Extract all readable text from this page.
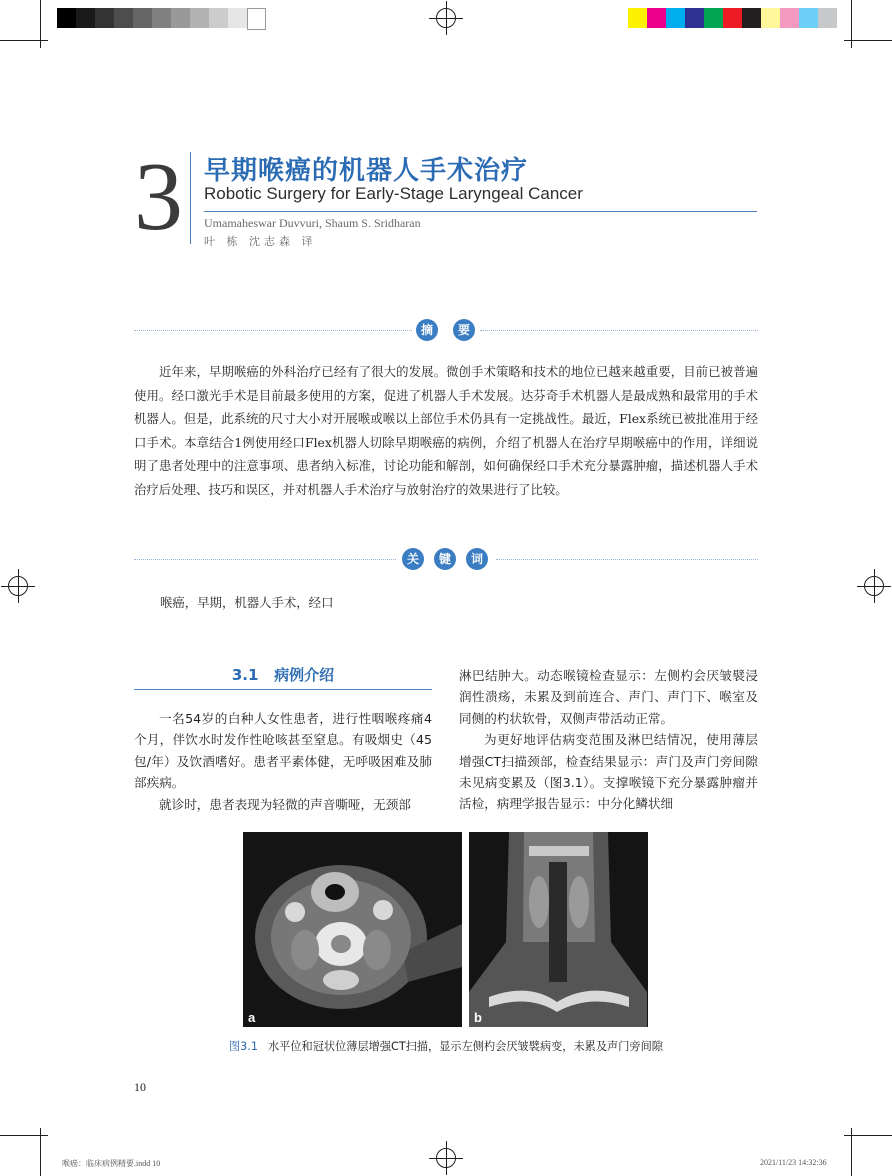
3 早期喉癌的机器人手术治疗
Robotic Surgery for Early-Stage Laryngeal Cancer
Umamaheswar Duvvuri, Shaum S. Sridharan
叶 栋 沈志森 译
摘	要

近年来，早期喉癌的外科治疗已经有了很大的发展。微创手术策略和技术的地位已越来越重要，目前已被普遍使用。经口激光手术是目前最多使用的方案，促进了机器人手术发展。达芬奇手术机器人是最成熟和最常用的手术机器人。但是，此系统的尺寸大小对开展喉或喉以上部位手术仍具有一定挑战性。最近，Flex系统已被批准用于经口手术。本章结合1例使用经口Flex机器人切除早期喉癌的病例，介绍了机器人在治疗早期喉癌中的作用，详细说明了患者处理中的注意事项、患者纳入标准，讨论功能和解剖，如何确保经口手术充分暴露肿瘤，描述机器人手术治疗后处理、技巧和误区，并对机器人手术治疗与放射治疗的效果进行了比较。

关	键	词
喉癌，早期，机器人手术，经口
3.1 病例介绍

一名54岁的白种人女性患者，进行性咽喉疼痛4个月，伴饮水时发作性呛咳甚至窒息。有吸烟史（45包/年）及饮酒嗜好。患者平素体健，无呼吸困难及肺部疾病。

就诊时，患者表现为轻微的声音嘶哑，无颈部

淋巴结肿大。动态喉镜检查显示：左侧杓会厌皱襞浸润性溃疡，未累及到前连合、声门、声门下、喉室及同侧的杓状软骨，双侧声带活动正常。

为更好地评估病变范围及淋巴结情况，使用薄层增强CT扫描颈部，检查结果显示：声门及声门旁间隙未见病变累及（图3.1）。支撑喉镜下充分暴露肿瘤并活检，病理学报告显示：中分化鳞状细

a	b
图3.1 水平位和冠状位薄层增强CT扫描，显示左侧杓会厌皱襞病变，未累及声门旁间隙
10
喉癌：临床病例精要.indd 10	2021/11/23 14:32:36
